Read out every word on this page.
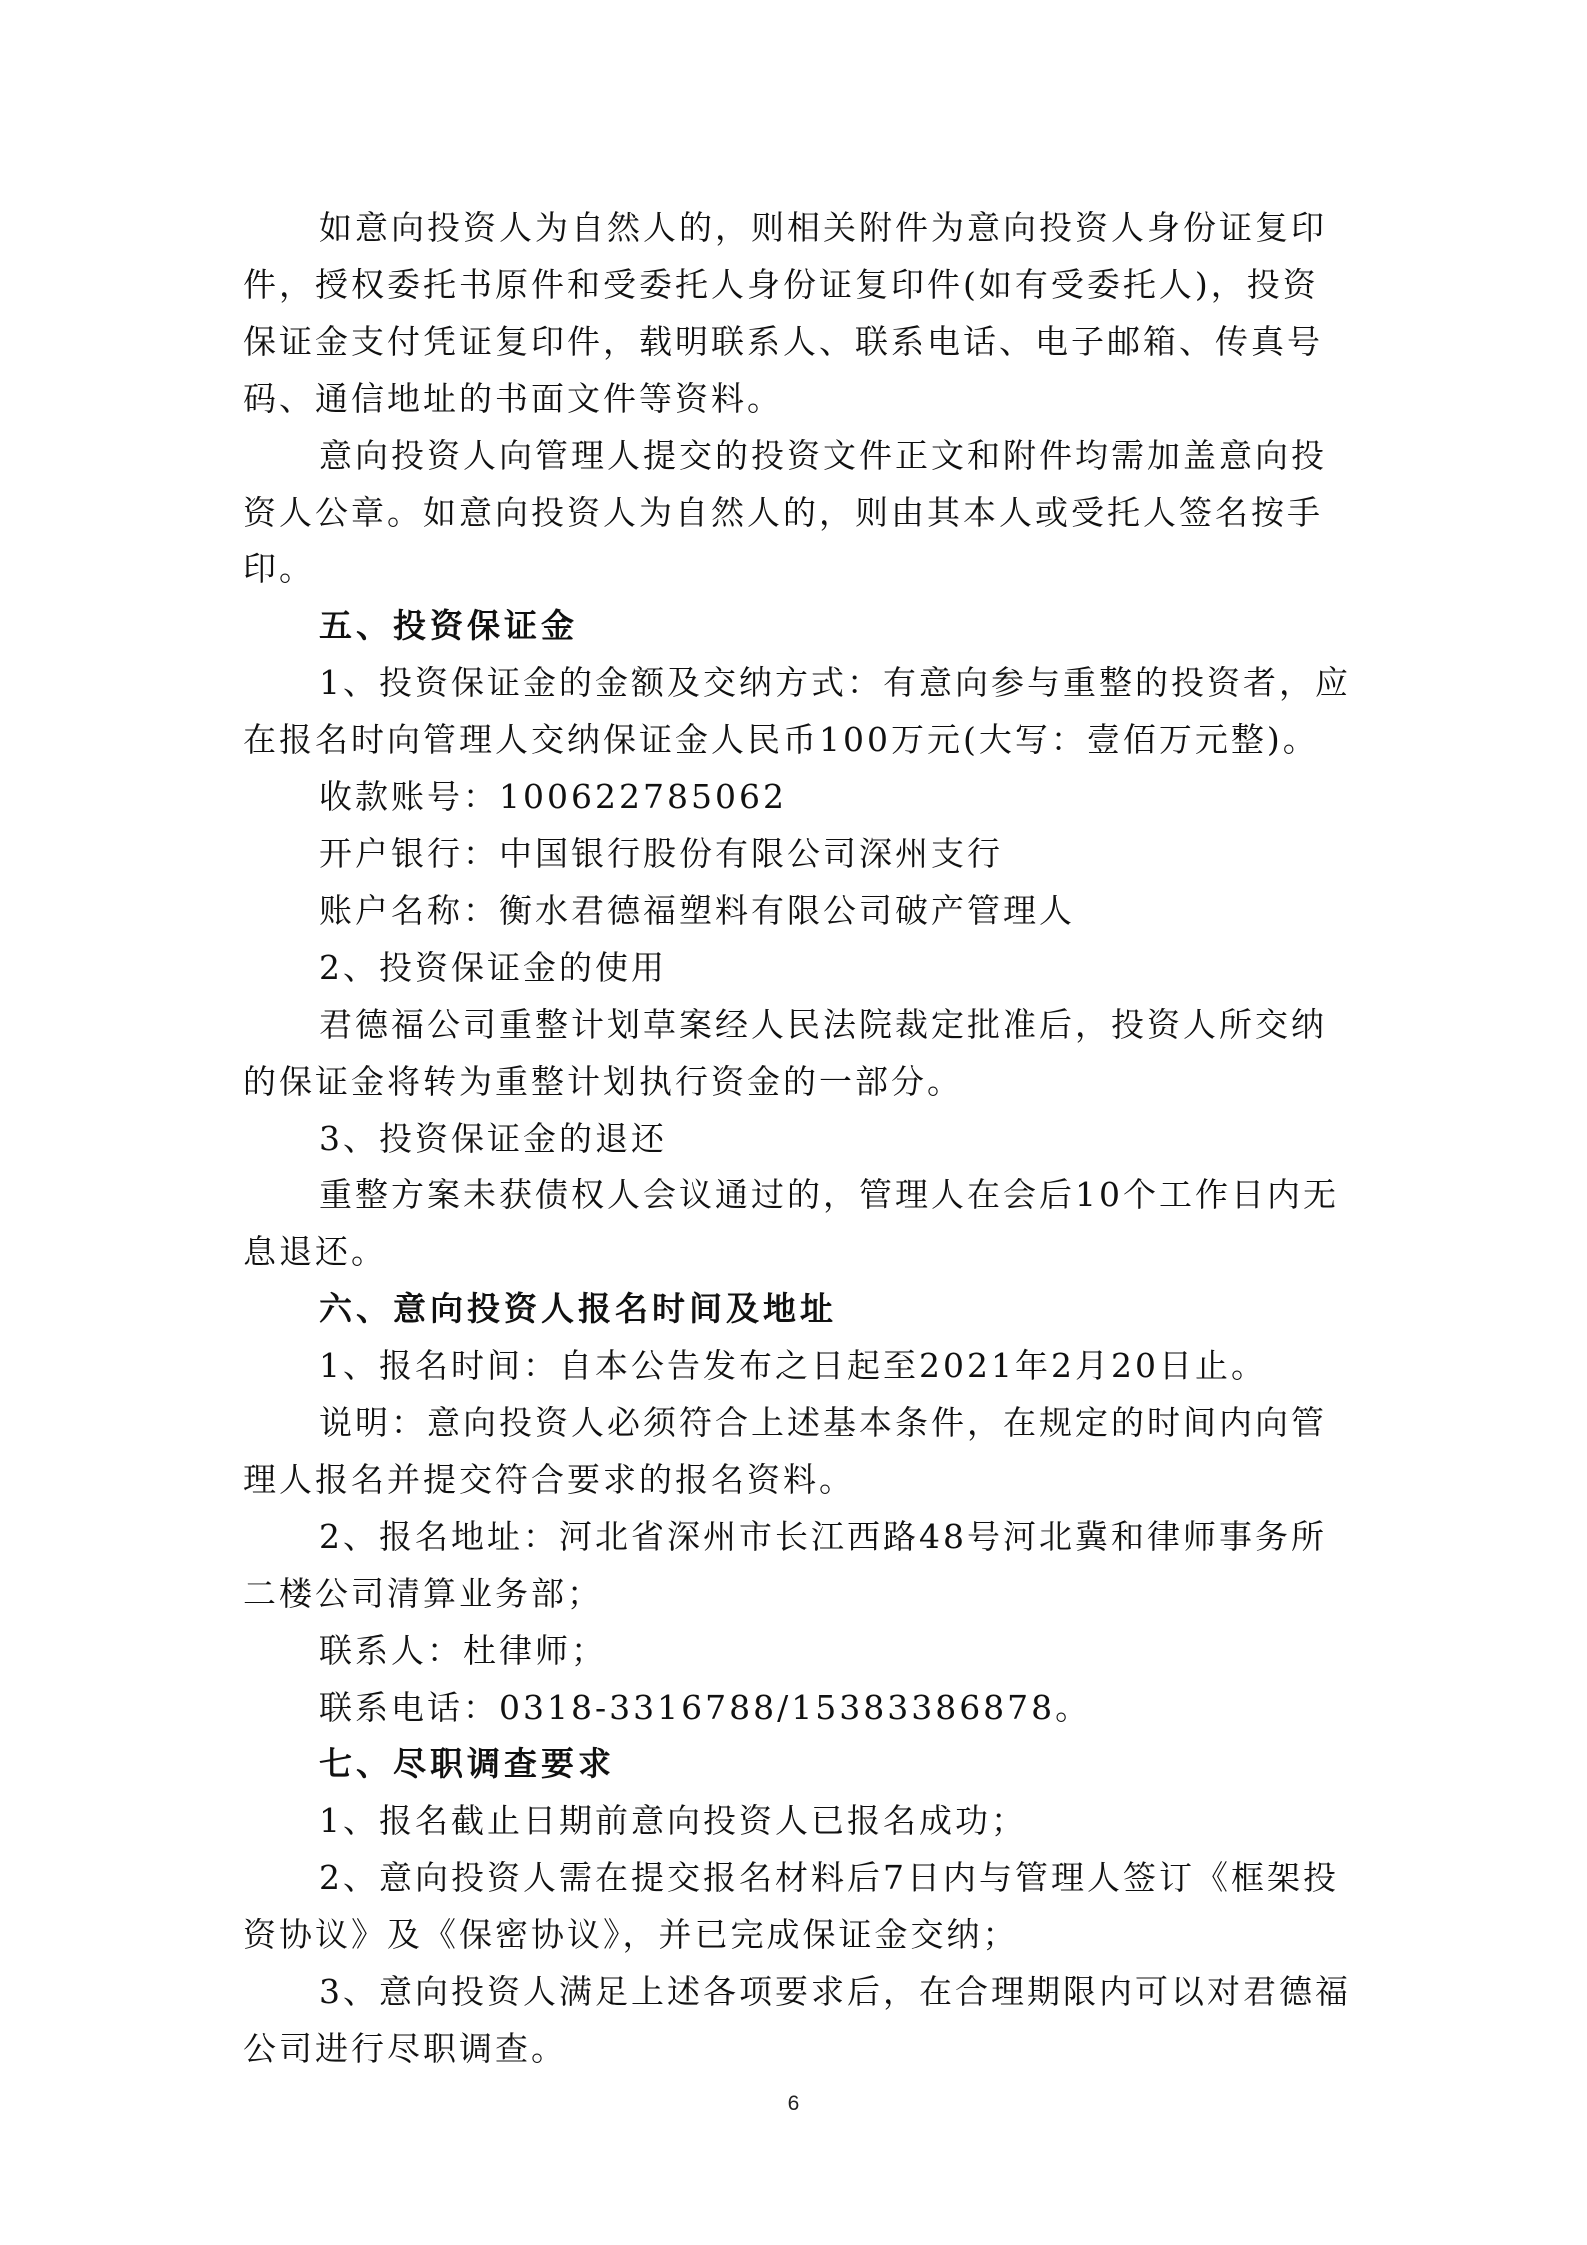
如意向投资人为自然人的，则相关附件为意向投资人身份证复印件，授权委托书原件和受委托人身份证复印件(如有受委托人)，投资保证金支付凭证复印件，载明联系人、联系电话、电子邮箱、传真号码、通信地址的书面文件等资料。

意向投资人向管理人提交的投资文件正文和附件均需加盖意向投资人公章。如意向投资人为自然人的，则由其本人或受托人签名按手印。

五、投资保证金

1、投资保证金的金额及交纳方式：有意向参与重整的投资者，应在报名时向管理人交纳保证金人民币100万元(大写：壹佰万元整)。

收款账号：100622785062

开户银行：中国银行股份有限公司深州支行

账户名称：衡水君德福塑料有限公司破产管理人

2、投资保证金的使用

君德福公司重整计划草案经人民法院裁定批准后，投资人所交纳的保证金将转为重整计划执行资金的一部分。

3、投资保证金的退还

重整方案未获债权人会议通过的，管理人在会后10个工作日内无息退还。

六、意向投资人报名时间及地址

1、报名时间：自本公告发布之日起至2021年2月20日止。

说明：意向投资人必须符合上述基本条件，在规定的时间内向管理人报名并提交符合要求的报名资料。

2、报名地址：河北省深州市长江西路48号河北冀和律师事务所二楼公司清算业务部；

联系人：杜律师；

联系电话：0318-3316788/15383386878。

七、尽职调查要求

1、报名截止日期前意向投资人已报名成功；

2、意向投资人需在提交报名材料后7日内与管理人签订《框架投资协议》及《保密协议》，并已完成保证金交纳；

3、意向投资人满足上述各项要求后，在合理期限内可以对君德福公司进行尽职调查。

6
